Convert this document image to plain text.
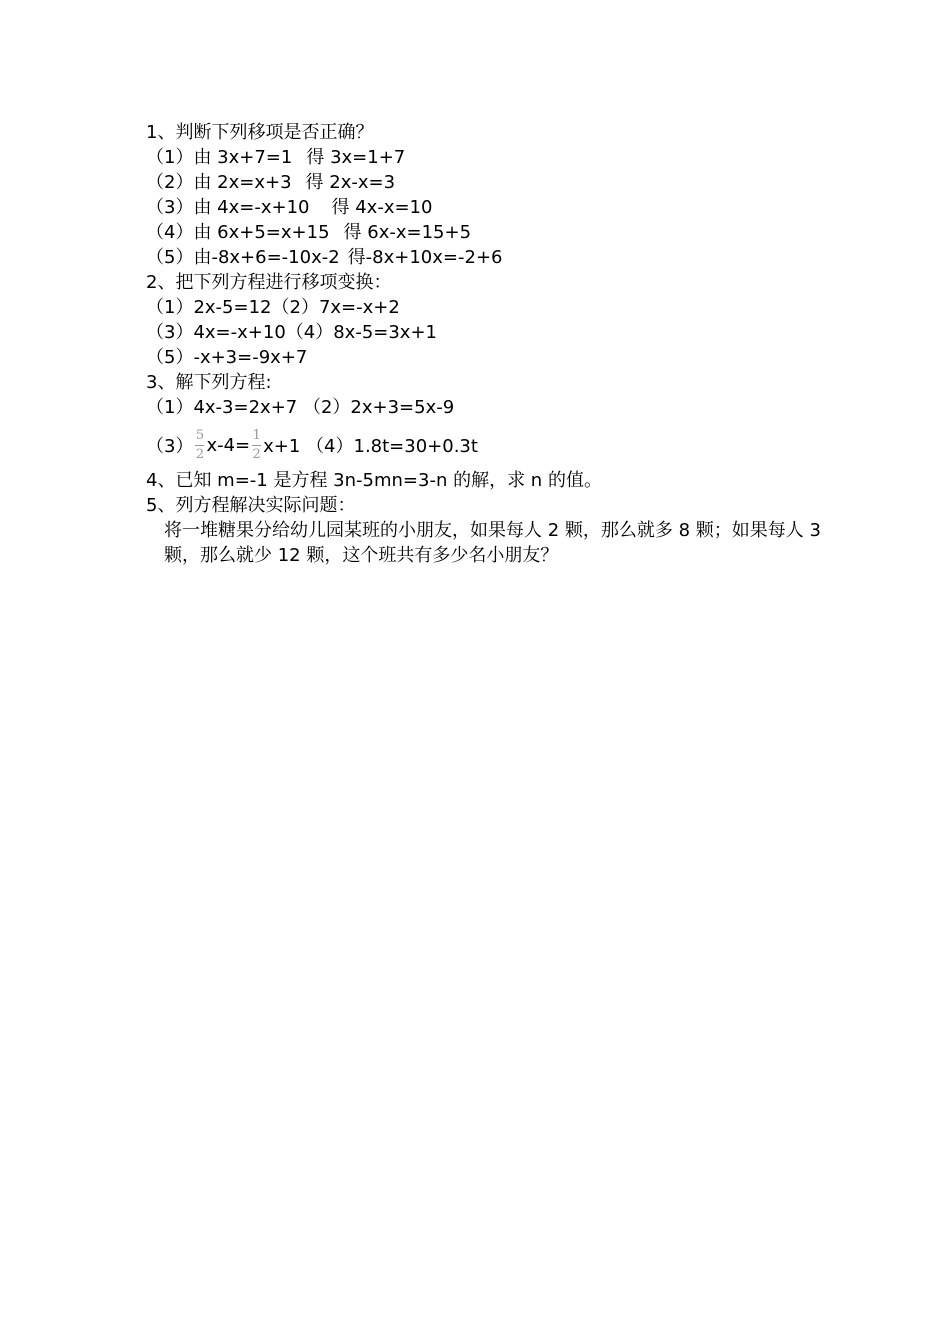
1、判断下列移项是否正确？
（1）由 3x+7=1 得 3x=1+7
（2）由 2x=x+3 得 2x-x=3
（3）由 4x=-x+10 得 4x-x=10
（4）由 6x+5=x+15 得 6x-x=15+5
（5）由-8x+6=-10x-2 得-8x+10x=-2+6
2、把下列方程进行移项变换：
（1）2x-5=12（2）7x=-x+2
（3）4x=-x+10（4）8x-5=3x+1
（5）-x+3=-9x+7
3、解下列方程:
（1）4x-3=2x+7 （2）2x+3=5x-9
$(3) \frac{5}{2} x-4= \frac{1}{2} x+1$ （4）1.8t=30+0.3t
4、已知 m=-1 是方程 3n-5mn=3-n 的解，求 n 的值。
5、列方程解决实际问题：
将一堆糖果分给幼儿园某班的小朋友，如果每人 2 颗，那么就多 8 颗；如果每人 3 颗，那么就少 12 颗，这个班共有多少名小朋友？
